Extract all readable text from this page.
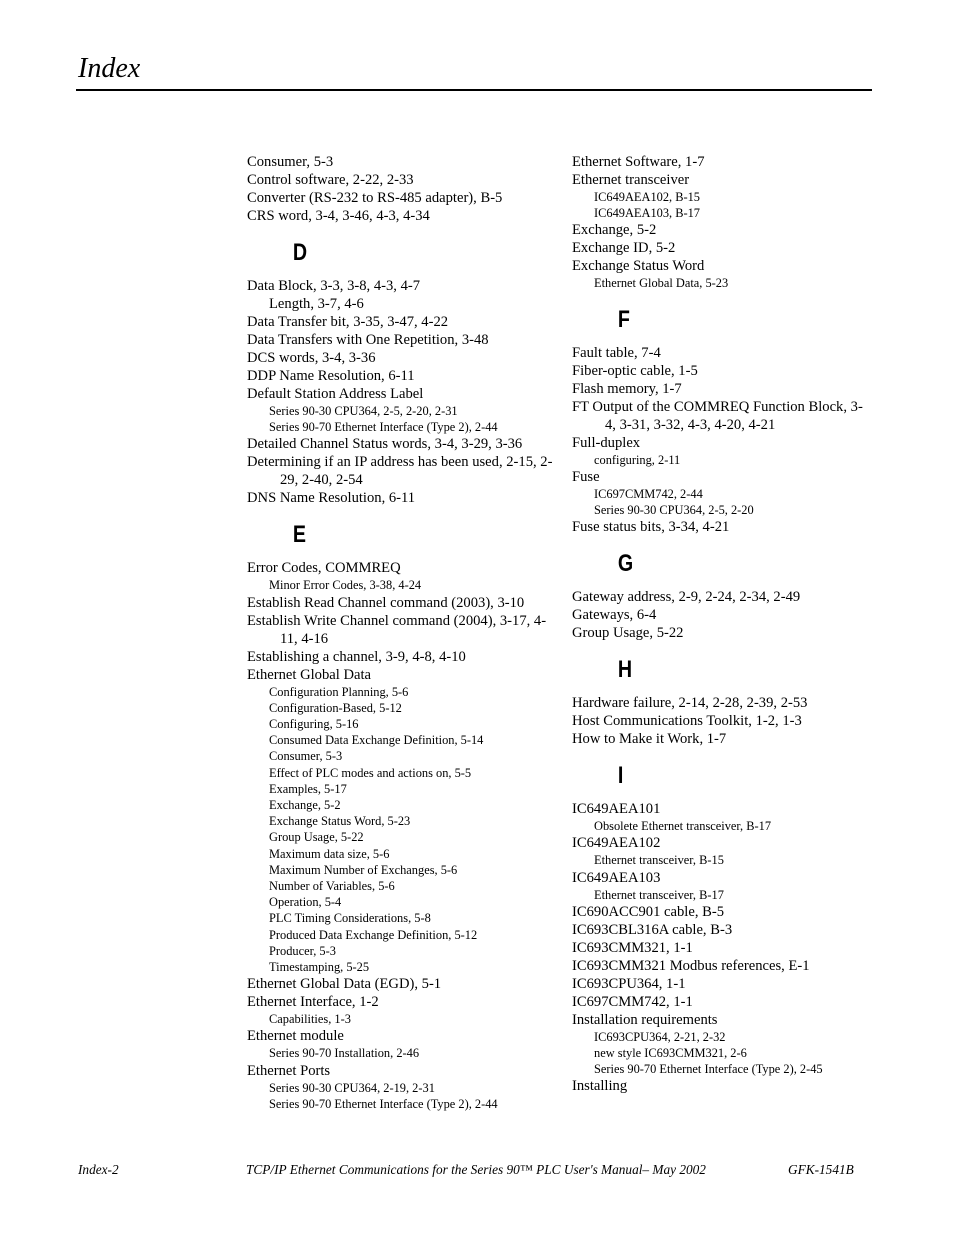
Index
Consumer, 5-3
Control software, 2-22, 2-33
Converter (RS-232 to RS-485 adapter), B-5
CRS word, 3-4, 3-46, 4-3, 4-34
D
Data Block, 3-3, 3-8, 4-3, 4-7
Length, 3-7, 4-6
Data Transfer bit, 3-35, 3-47, 4-22
Data Transfers with One Repetition, 3-48
DCS words, 3-4, 3-36
DDP Name Resolution, 6-11
Default Station Address Label
Series 90-30 CPU364, 2-5, 2-20, 2-31
Series 90-70 Ethernet Interface (Type 2), 2-44
Detailed Channel Status words, 3-4, 3-29, 3-36
Determining if an IP address has been used, 2-15, 2-29, 2-40, 2-54
DNS Name Resolution, 6-11
E
Error Codes, COMMREQ
Minor Error Codes, 3-38, 4-24
Establish Read Channel command (2003), 3-10
Establish Write Channel command (2004), 3-17, 4-11, 4-16
Establishing a channel, 3-9, 4-8, 4-10
Ethernet Global Data
Configuration Planning, 5-6
Configuration-Based, 5-12
Configuring, 5-16
Consumed Data Exchange Definition, 5-14
Consumer, 5-3
Effect of PLC modes and actions on, 5-5
Examples, 5-17
Exchange, 5-2
Exchange Status Word, 5-23
Group Usage, 5-22
Maximum data size, 5-6
Maximum Number of Exchanges, 5-6
Number of Variables, 5-6
Operation, 5-4
PLC Timing Considerations, 5-8
Produced Data Exchange Definition, 5-12
Producer, 5-3
Timestamping, 5-25
Ethernet Global Data (EGD), 5-1
Ethernet Interface, 1-2
Capabilities, 1-3
Ethernet module
Series 90-70 Installation, 2-46
Ethernet Ports
Series 90-30 CPU364, 2-19, 2-31
Series 90-70 Ethernet Interface (Type 2), 2-44
Ethernet Software, 1-7
Ethernet transceiver
IC649AEA102, B-15
IC649AEA103, B-17
Exchange, 5-2
Exchange ID, 5-2
Exchange Status Word
Ethernet Global Data, 5-23
F
Fault table, 7-4
Fiber-optic cable, 1-5
Flash memory, 1-7
FT Output of the COMMREQ Function Block, 3-4, 3-31, 3-32, 4-3, 4-20, 4-21
Full-duplex
configuring, 2-11
Fuse
IC697CMM742, 2-44
Series 90-30 CPU364, 2-5, 2-20
Fuse status bits, 3-34, 4-21
G
Gateway address, 2-9, 2-24, 2-34, 2-49
Gateways, 6-4
Group Usage, 5-22
H
Hardware failure, 2-14, 2-28, 2-39, 2-53
Host Communications Toolkit, 1-2, 1-3
How to Make it Work, 1-7
I
IC649AEA101
Obsolete Ethernet transceiver, B-17
IC649AEA102
Ethernet transceiver, B-15
IC649AEA103
Ethernet transceiver, B-17
IC690ACC901 cable, B-5
IC693CBL316A cable, B-3
IC693CMM321, 1-1
IC693CMM321 Modbus references, E-1
IC693CPU364, 1-1
IC697CMM742, 1-1
Installation requirements
IC693CPU364, 2-21, 2-32
new style IC693CMM321, 2-6
Series 90-70 Ethernet Interface (Type 2), 2-45
Installing
Index-2	TCP/IP Ethernet Communications for the Series 90™ PLC User's Manual– May 2002	GFK-1541B
